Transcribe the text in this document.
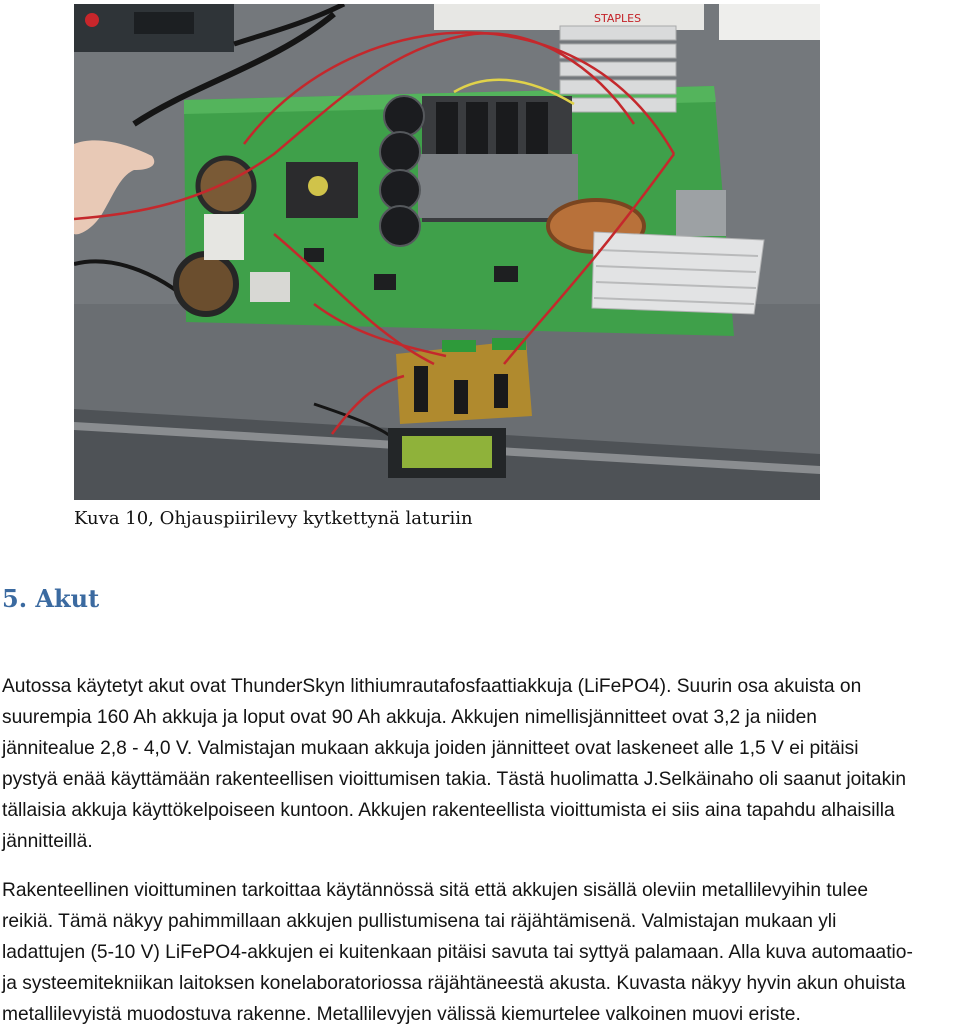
STAPLES
Kuva 10, Ohjauspiirilevy kytkettynä laturiin
5. Akut
Autossa käytetyt akut ovat ThunderSkyn lithiumrautafosfaattiakkuja (LiFePO4). Suurin osa akuista on
suurempia 160 Ah akkuja ja loput ovat 90 Ah akkuja. Akkujen nimellisjännitteet ovat 3,2 ja niiden
jännitealue 2,8 - 4,0 V. Valmistajan mukaan akkuja joiden jännitteet ovat laskeneet alle 1,5 V ei pitäisi
pystyä enää käyttämään rakenteellisen vioittumisen takia. Tästä huolimatta J.Selkäinaho oli saanut joitakin
tällaisia akkuja käyttökelpoiseen kuntoon. Akkujen rakenteellista vioittumista ei siis aina tapahdu alhaisilla
jännitteillä.
Rakenteellinen vioittuminen tarkoittaa käytännössä sitä että akkujen sisällä oleviin metallilevyihin tulee
reikiä. Tämä näkyy pahimmillaan akkujen pullistumisena tai räjähtämisenä. Valmistajan mukaan yli
ladattujen (5-10 V) LiFePO4-akkujen ei kuitenkaan pitäisi savuta tai syttyä palamaan. Alla kuva automaatio-
ja systeemitekniikan laitoksen konelaboratoriossa räjähtäneestä akusta. Kuvasta näkyy hyvin akun ohuista
metallilevyistä muodostuva rakenne. Metallilevyjen välissä kiemurtelee valkoinen muovi eriste.
